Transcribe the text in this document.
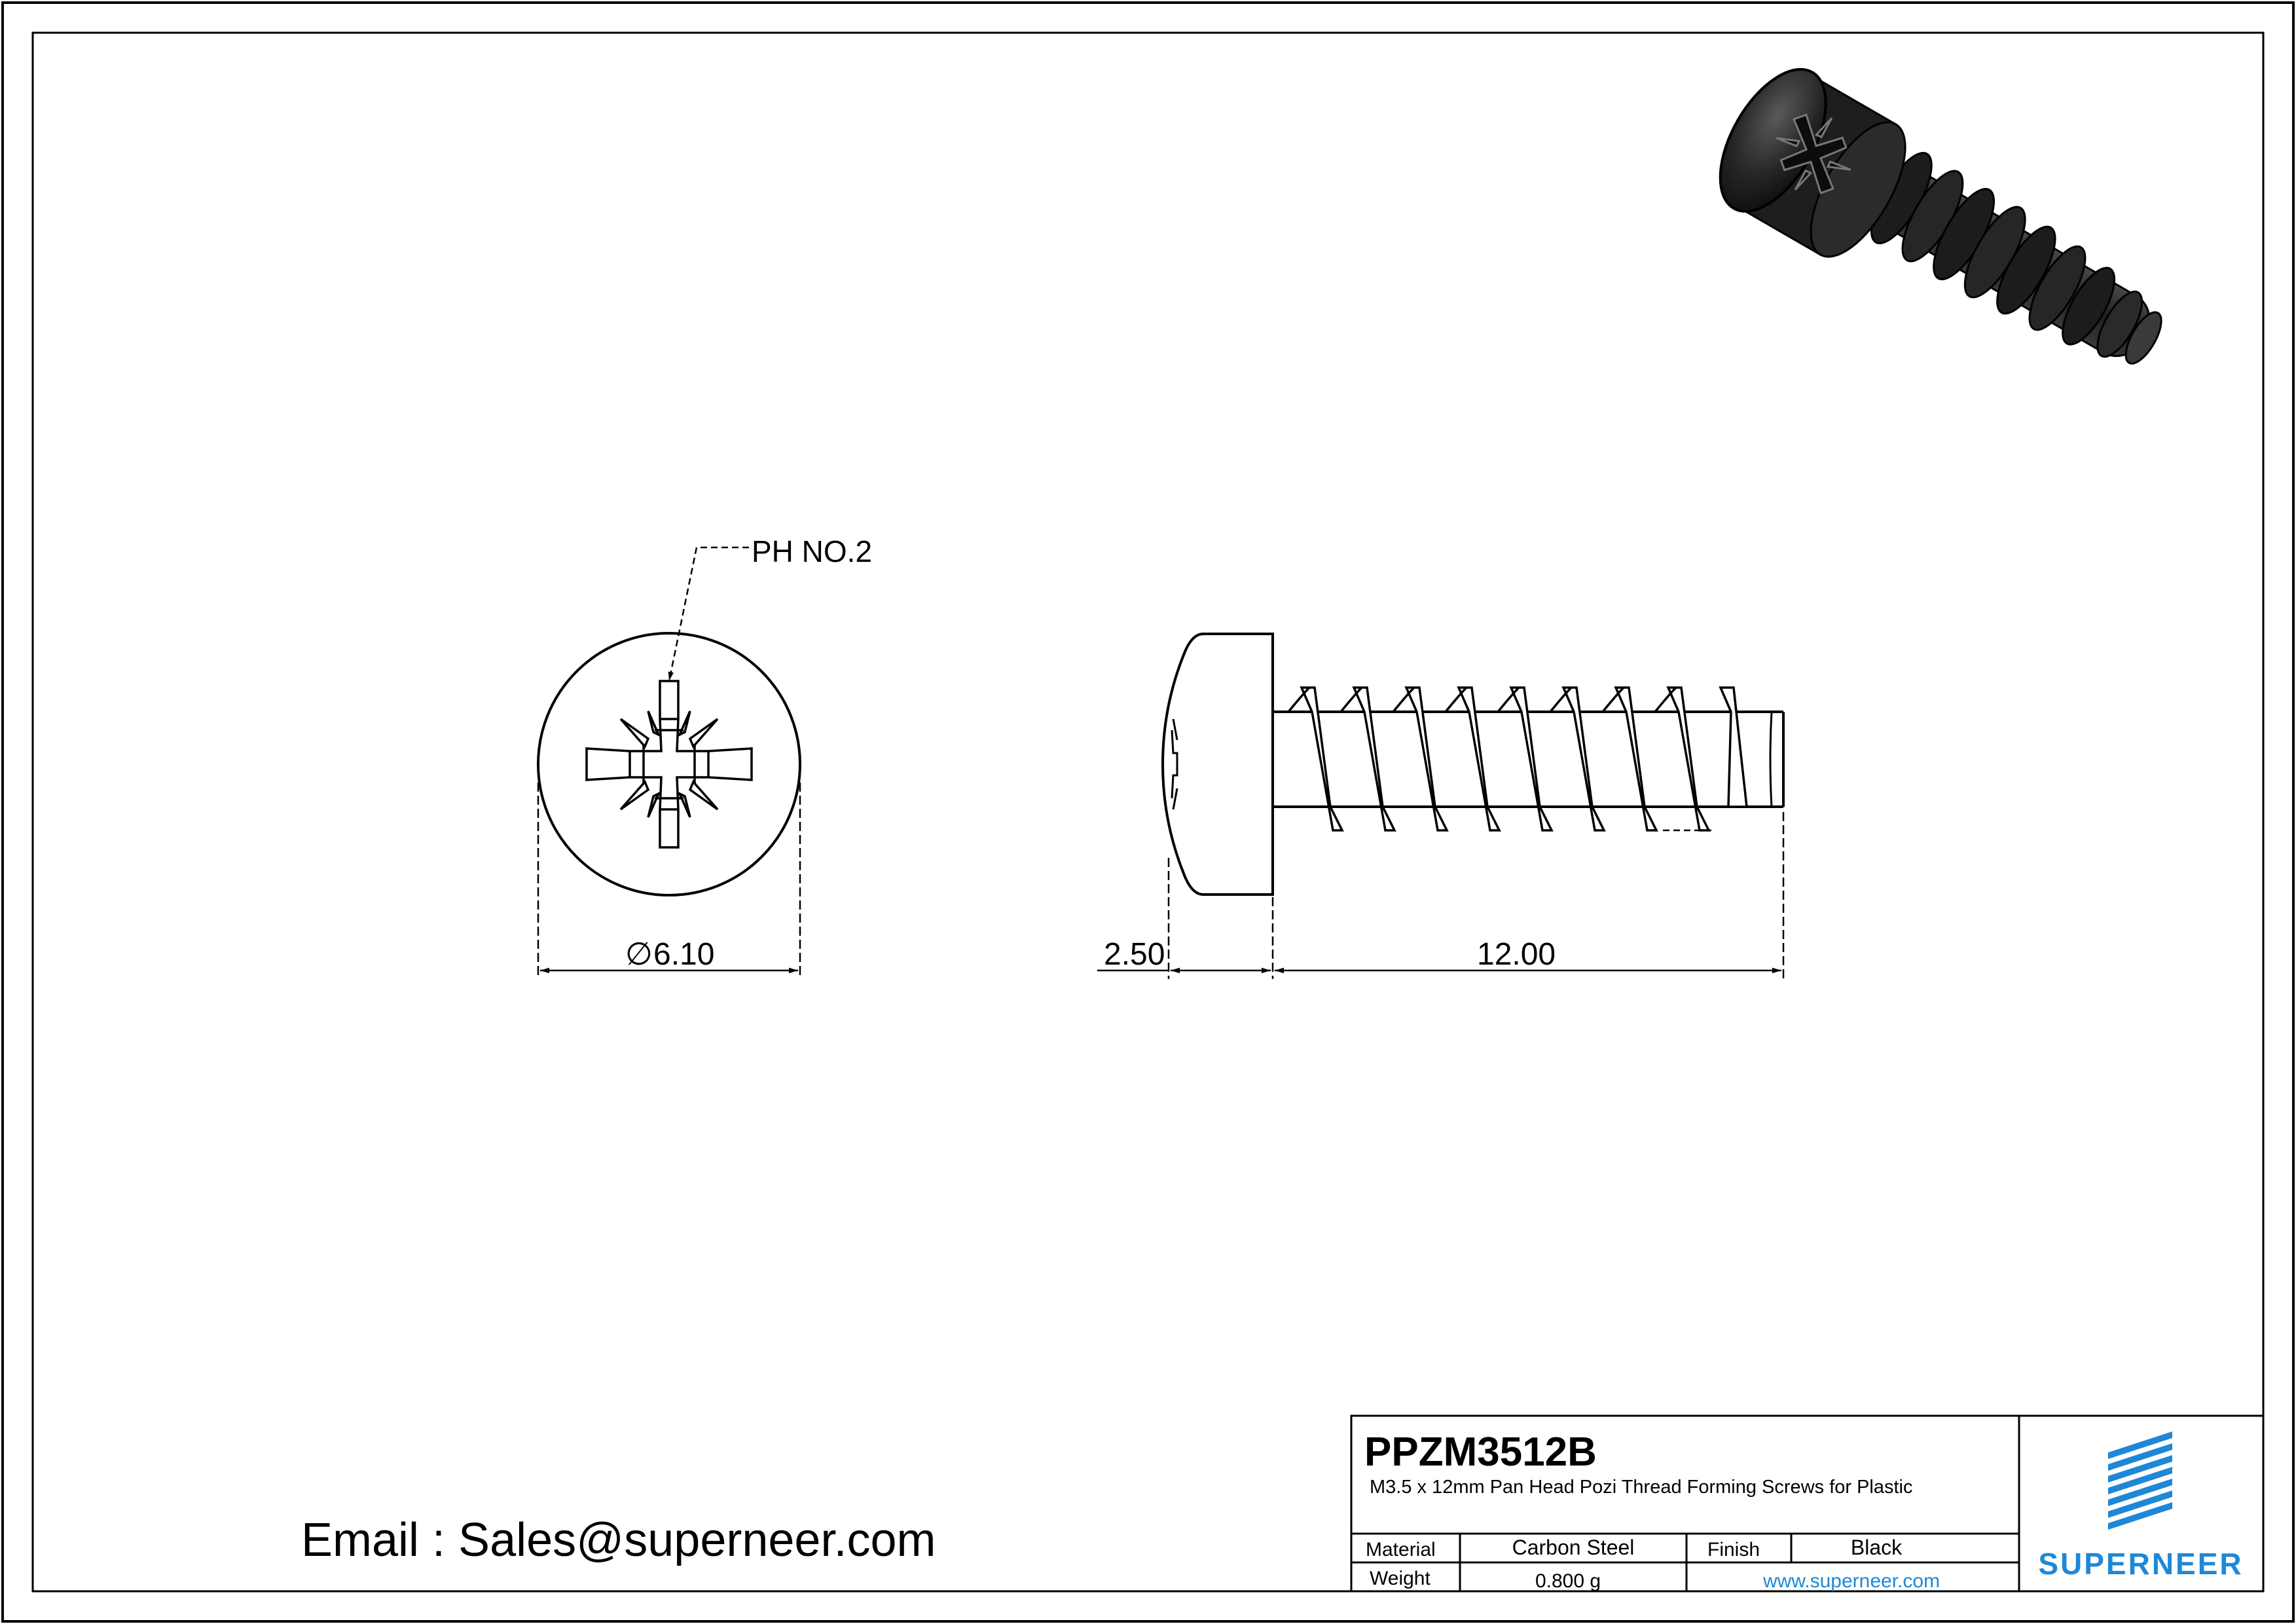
PH NO.2
∅ 6.10	2.50	12.00
PPZM3512B
M3.5 x 12mm Pan Head Pozi Thread Forming Screws for Plastic
Material	Carbon Steel	Finish	Black
Weight	0.800 g	www.superneer.com
SUPERNEER
Email : Sales@superneer.com
